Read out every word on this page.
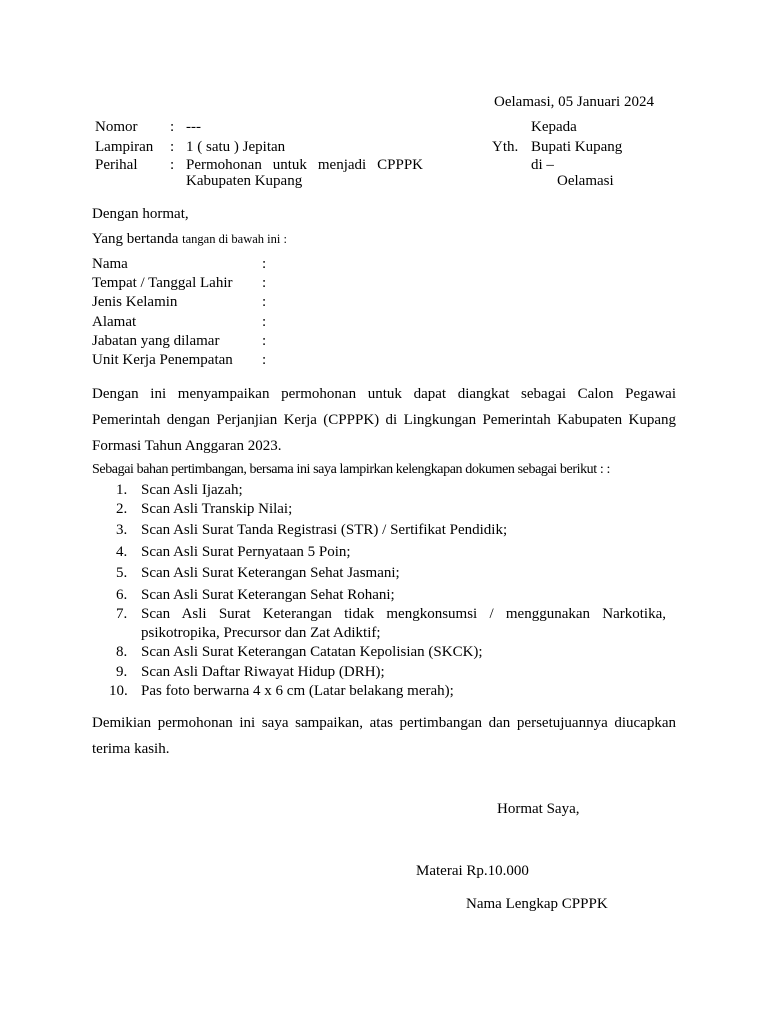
Oelamasi, 05 Januari 2024
Nomor : ---
Lampiran : 1 ( satu ) Jepitan
Perihal : Permohonan untuk menjadi CPPPK
Kabupaten Kupang
Kepada
Yth. Bupati Kupang
di –
Oelamasi
Dengan hormat,
Yang bertanda tangan di bawah ini :
Nama	:
Tempat / Tanggal Lahir :
Jenis Kelamin	:
Alamat	:
Jabatan yang dilamar	:
Unit Kerja Penempatan :
Dengan ini menyampaikan permohonan untuk dapat diangkat sebagai Calon Pegawai
Pemerintah dengan Perjanjian Kerja (CPPPK) di Lingkungan Pemerintah Kabupaten Kupang
Formasi Tahun Anggaran 2023.
Sebagai bahan pertimbangan, bersama ini saya lampirkan kelengkapan dokumen sebagai berikut : :
1. Scan Asli Ijazah;
2. Scan Asli Transkip Nilai;
3. Scan Asli Surat Tanda Registrasi (STR) / Sertifikat Pendidik;
4. Scan Asli Surat Pernyataan 5 Poin;
5. Scan Asli Surat Keterangan Sehat Jasmani;
6. Scan Asli Surat Keterangan Sehat Rohani;
7. Scan Asli Surat Keterangan tidak mengkonsumsi / menggunakan Narkotika,
psikotropika, Precursor dan Zat Adiktif;
8. Scan Asli Surat Keterangan Catatan Kepolisian (SKCK);
9. Scan Asli Daftar Riwayat Hidup (DRH);
10. Pas foto berwarna 4 x 6 cm (Latar belakang merah);
Demikian permohonan ini saya sampaikan, atas pertimbangan dan persetujuannya diucapkan
terima kasih.
Hormat Saya,
Materai Rp.10.000
Nama Lengkap CPPPK
